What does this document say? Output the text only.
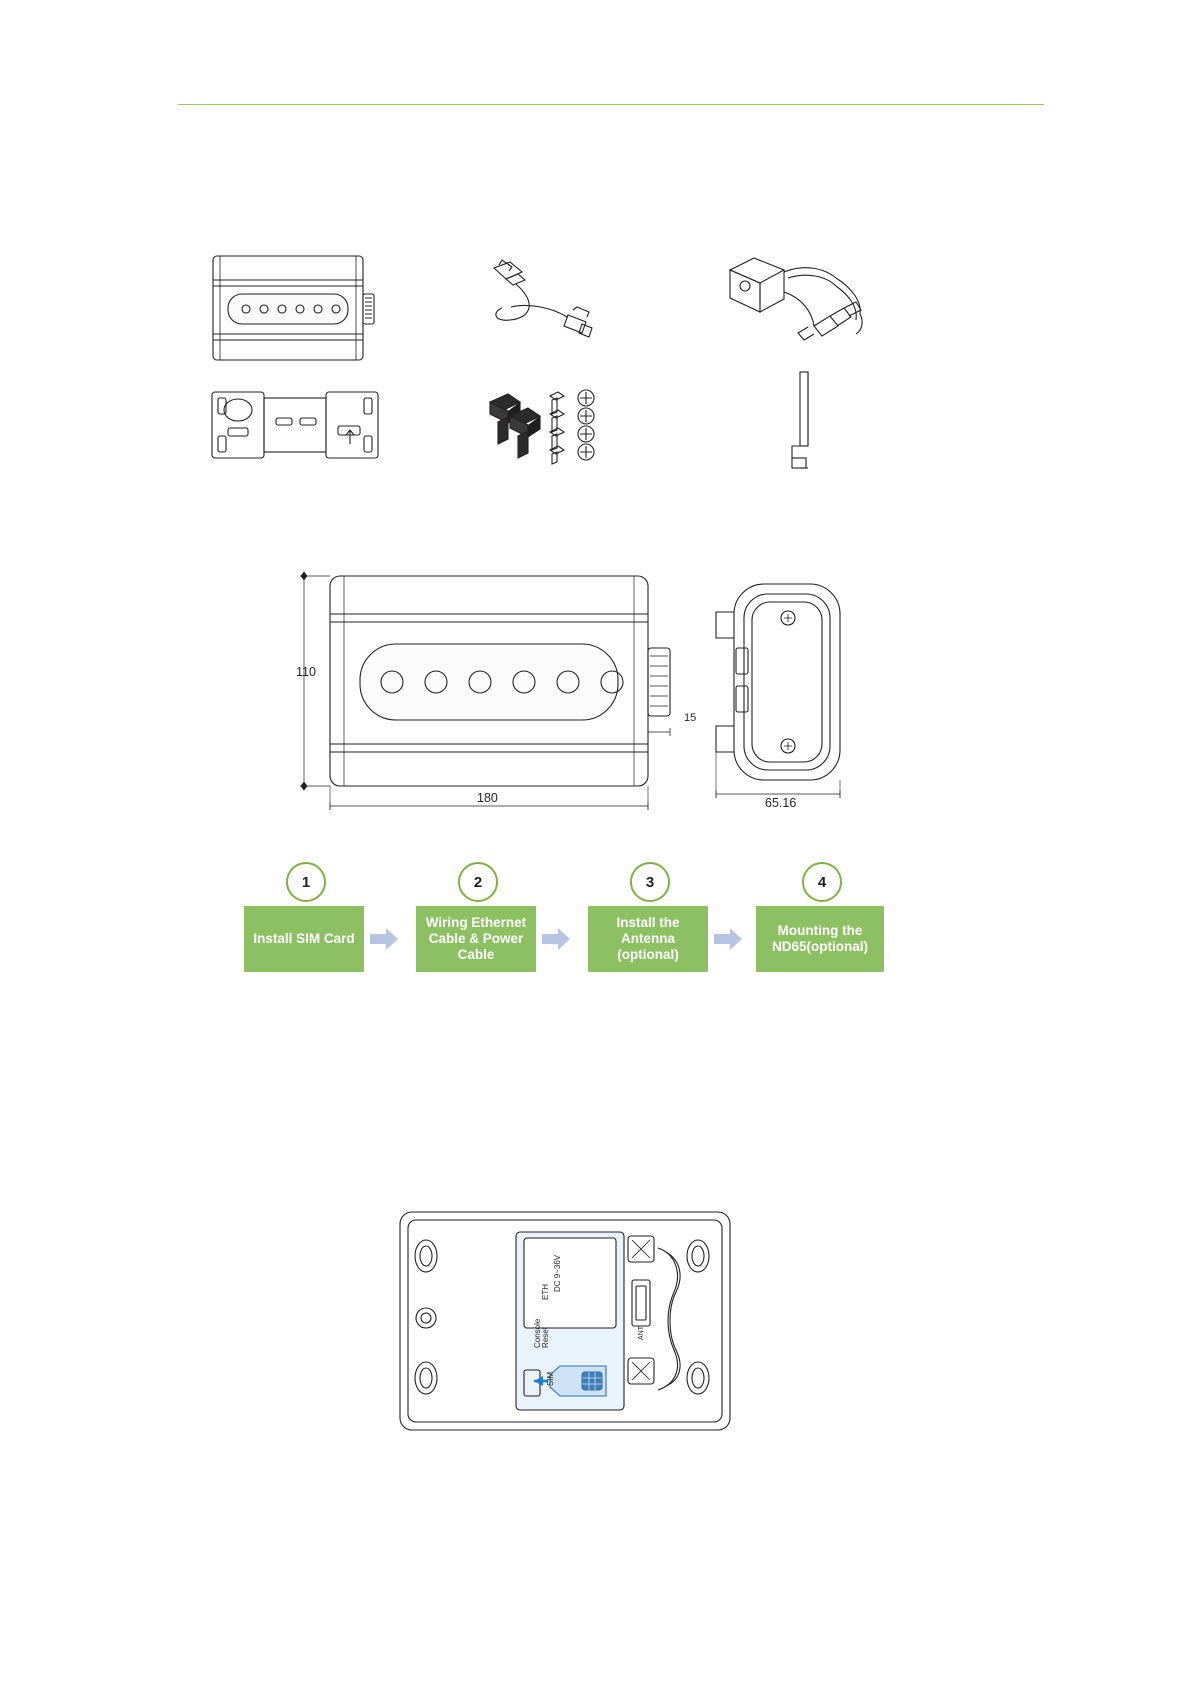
110
180
15
65.16
1
Install SIM Card
2
Wiring Ethernet Cable & Power Cable
3
Install the Antenna (optional)
4
Mounting the ND65(optional)
DC 9~36V
ETH
Console Reset
SIM
ANT
